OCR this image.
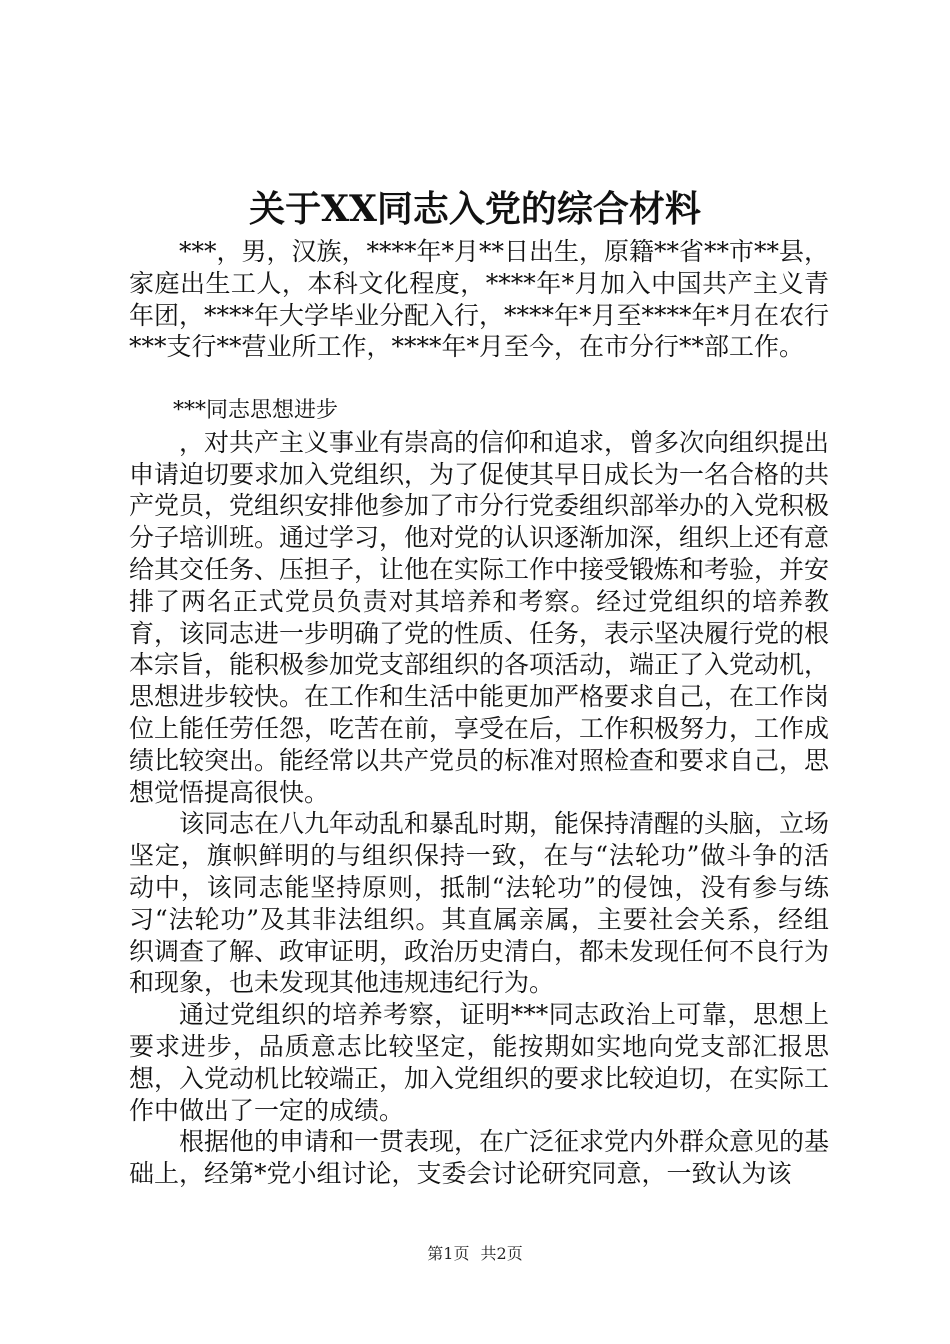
关于XX同志入党的综合材料

***，男，汉族，****年*月**日出生，原籍**省**市**县，家庭出生工人，本科文化程度，****年*月加入中国共产主义青年团，****年大学毕业分配入行，****年*月至****年*月在农行***支行**营业所工作，****年*月至今，在市分行**部工作。

***同志思想进步

，对共产主义事业有崇高的信仰和追求，曾多次向组织提出申请迫切要求加入党组织，为了促使其早日成长为一名合格的共产党员，党组织安排他参加了市分行党委组织部举办的入党积极分子培训班。通过学习，他对党的认识逐渐加深，组织上还有意给其交任务、压担子，让他在实际工作中接受锻炼和考验，并安排了两名正式党员负责对其培养和考察。经过党组织的培养教育，该同志进一步明确了党的性质、任务，表示坚决履行党的根本宗旨，能积极参加党支部组织的各项活动，端正了入党动机，思想进步较快。在工作和生活中能更加严格要求自己，在工作岗位上能任劳任怨，吃苦在前，享受在后，工作积极努力，工作成绩比较突出。能经常以共产党员的标准对照检查和要求自己，思想觉悟提高很快。

该同志在八九年动乱和暴乱时期，能保持清醒的头脑，立场坚定，旗帜鲜明的与组织保持一致，在与“法轮功”做斗争的活动中，该同志能坚持原则，抵制“法轮功”的侵蚀，没有参与练习“法轮功”及其非法组织。其直属亲属，主要社会关系，经组织调查了解、政审证明，政治历史清白，都未发现任何不良行为和现象，也未发现其他违规违纪行为。

通过党组织的培养考察，证明***同志政治上可靠，思想上要求进步，品质意志比较坚定，能按期如实地向党支部汇报思想，入党动机比较端正，加入党组织的要求比较迫切，在实际工作中做出了一定的成绩。

根据他的申请和一贯表现，在广泛征求党内外群众意见的基础上，经第*党小组讨论，支委会讨论研究同意，一致认为该

第1页 共2页
